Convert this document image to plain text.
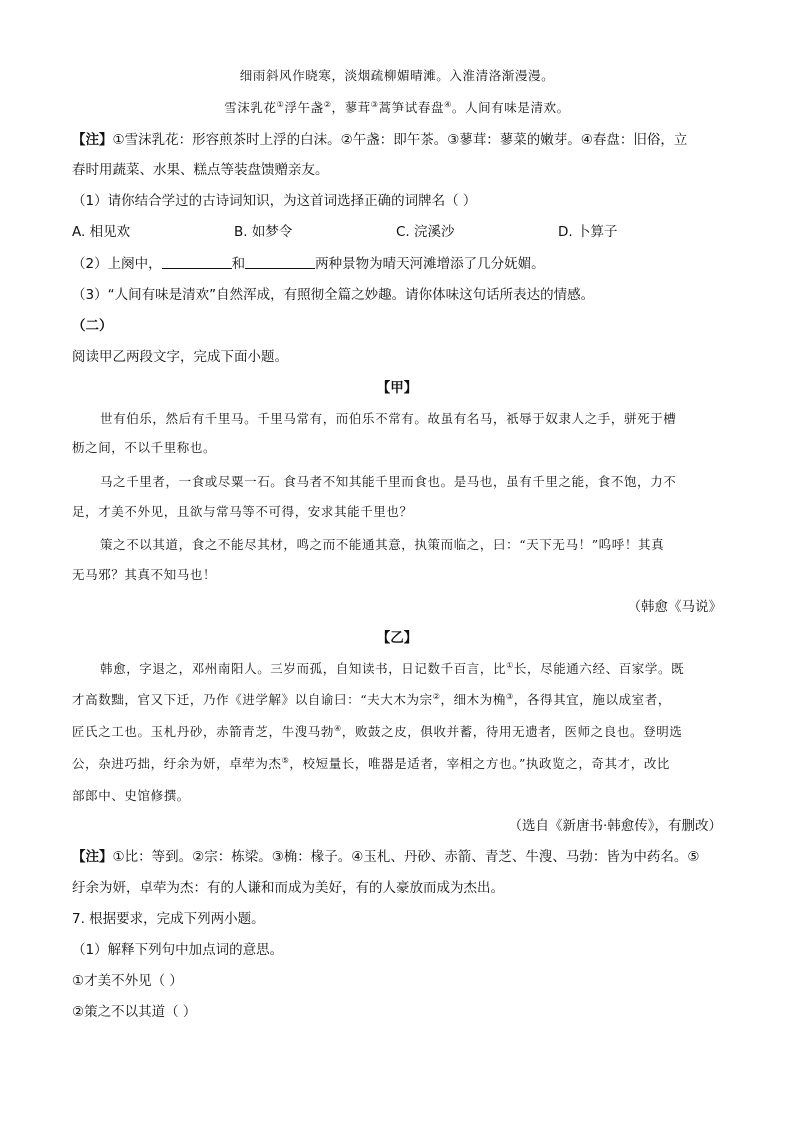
细雨斜风作晓寒，淡烟疏柳媚晴滩。入淮清洛渐漫漫。
雪沫乳花①浮午盏②，蓼茸③蒿笋试春盘④。人间有味是清欢。
【注】①雪沫乳花：形容煎茶时上浮的白沫。②午盏：即午茶。③蓼茸：蓼菜的嫩芽。④春盘：旧俗，立
春时用蔬菜、水果、糕点等装盘馈赠亲友。
（1）请你结合学过的古诗词知识，为这首词选择正确的词牌名（ ）
A. 相见欢	B. 如梦令	C. 浣溪沙	D. 卜算子
（2）上阕中，	和	两种景物为晴天河滩增添了几分妩媚。
（3）“人间有味是清欢”自然浑成，有照彻全篇之妙趣。请你体味这句话所表达的情感。
（二）
阅读甲乙两段文字，完成下面小题。
【甲】
世有伯乐，然后有千里马。千里马常有，而伯乐不常有。故虽有名马，祇辱于奴隶人之手，骈死于槽
枥之间，不以千里称也。
马之千里者，一食或尽粟一石。食马者不知其能千里而食也。是马也，虽有千里之能，食不饱，力不
足，才美不外见，且欲与常马等不可得，安求其能千里也？
策之不以其道，食之不能尽其材，鸣之而不能通其意，执策而临之，曰：“天下无马！”呜呼！其真
无马邪？其真不知马也！
（韩愈《马说》
【乙】
韩愈，字退之，邓州南阳人。三岁而孤，自知读书，日记数千百言，比①长，尽能通六经、百家学。既
才高数黜，官又下迁，乃作《进学解》以自谕曰：“夫大木为宗②，细木为桷③，各得其宜，施以成室者，
匠氏之工也。玉札丹砂，赤箭青芝，牛溲马勃④，败鼓之皮，俱收并蓄，待用无遗者，医师之良也。登明选
公，杂进巧拙，纡余为妍，卓荦为杰⑤，校短量长，唯器是适者，宰相之方也。”执政览之，奇其才，改比
部郎中、史馆修撰。
（选自《新唐书·韩愈传》，有删改）
【注】①比：等到。②宗：栋梁。③桷：椽子。④玉札、丹砂、赤箭、青芝、牛溲、马勃：皆为中药名。⑤
纡余为妍，卓荦为杰：有的人谦和而成为美好，有的人豪放而成为杰出。
7. 根据要求，完成下列两小题。
（1）解释下列句中加点词的意思。
①才美不外见（ ）
②策之不以其道（ ）
